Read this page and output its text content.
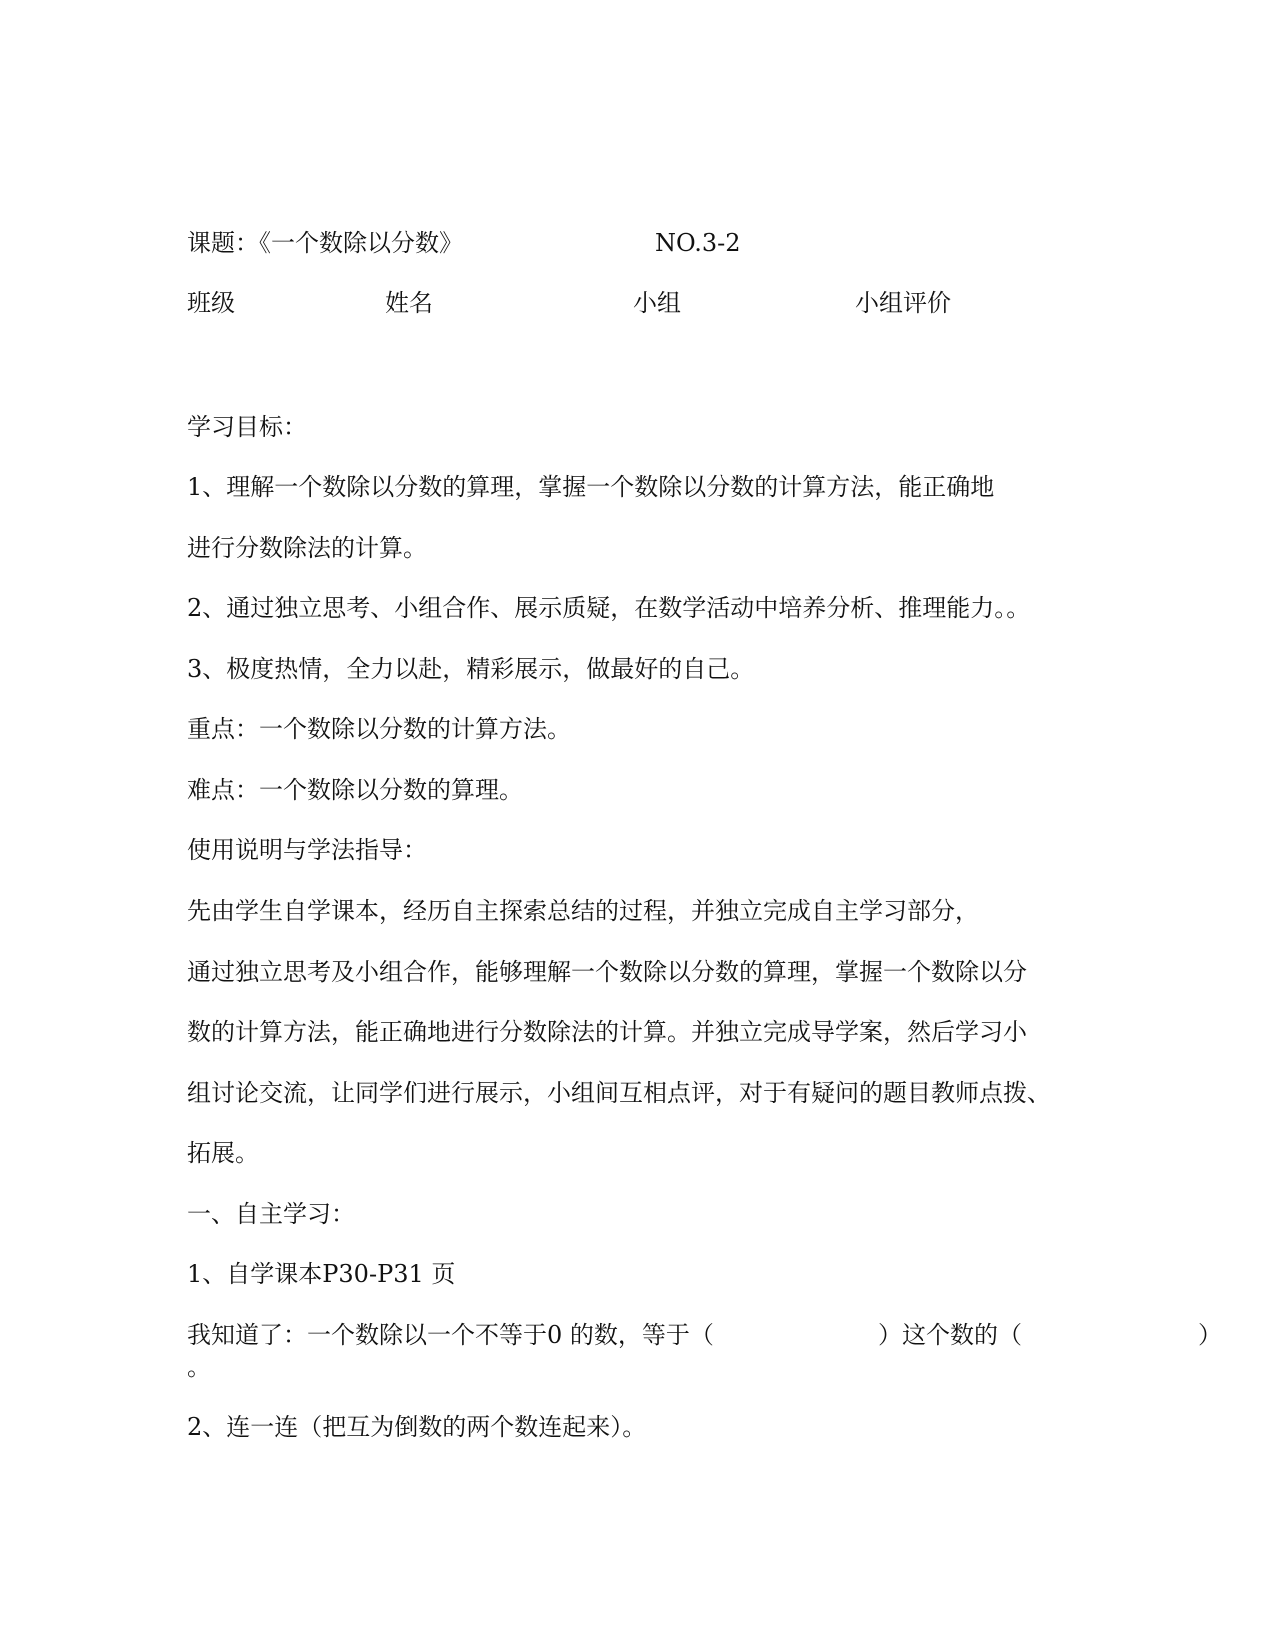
课题：《一个数除以分数》	NO.3-2
班级	姓名	小组	小组评价
学习目标：
1、理解一个数除以分数的算理，掌握一个数除以分数的计算方法，能正确地
进行分数除法的计算。
2、通过独立思考、小组合作、展示质疑，在数学活动中培养分析、推理能力。。
3、极度热情，全力以赴，精彩展示，做最好的自己。
重点：一个数除以分数的计算方法。
难点：一个数除以分数的算理。
使用说明与学法指导：
先由学生自学课本，经历自主探索总结的过程，并独立完成自主学习部分，
通过独立思考及小组合作，能够理解一个数除以分数的算理，掌握一个数除以分
数的计算方法，能正确地进行分数除法的计算。并独立完成导学案，然后学习小
组讨论交流，让同学们进行展示，小组间互相点评，对于有疑问的题目教师点拨、
拓展。
一、自主学习：
1、自学课本P30-P31 页
我知道了：一个数除以一个不等于0 的数，等于（	）这个数的（	）
。
2、连一连（把互为倒数的两个数连起来）。
